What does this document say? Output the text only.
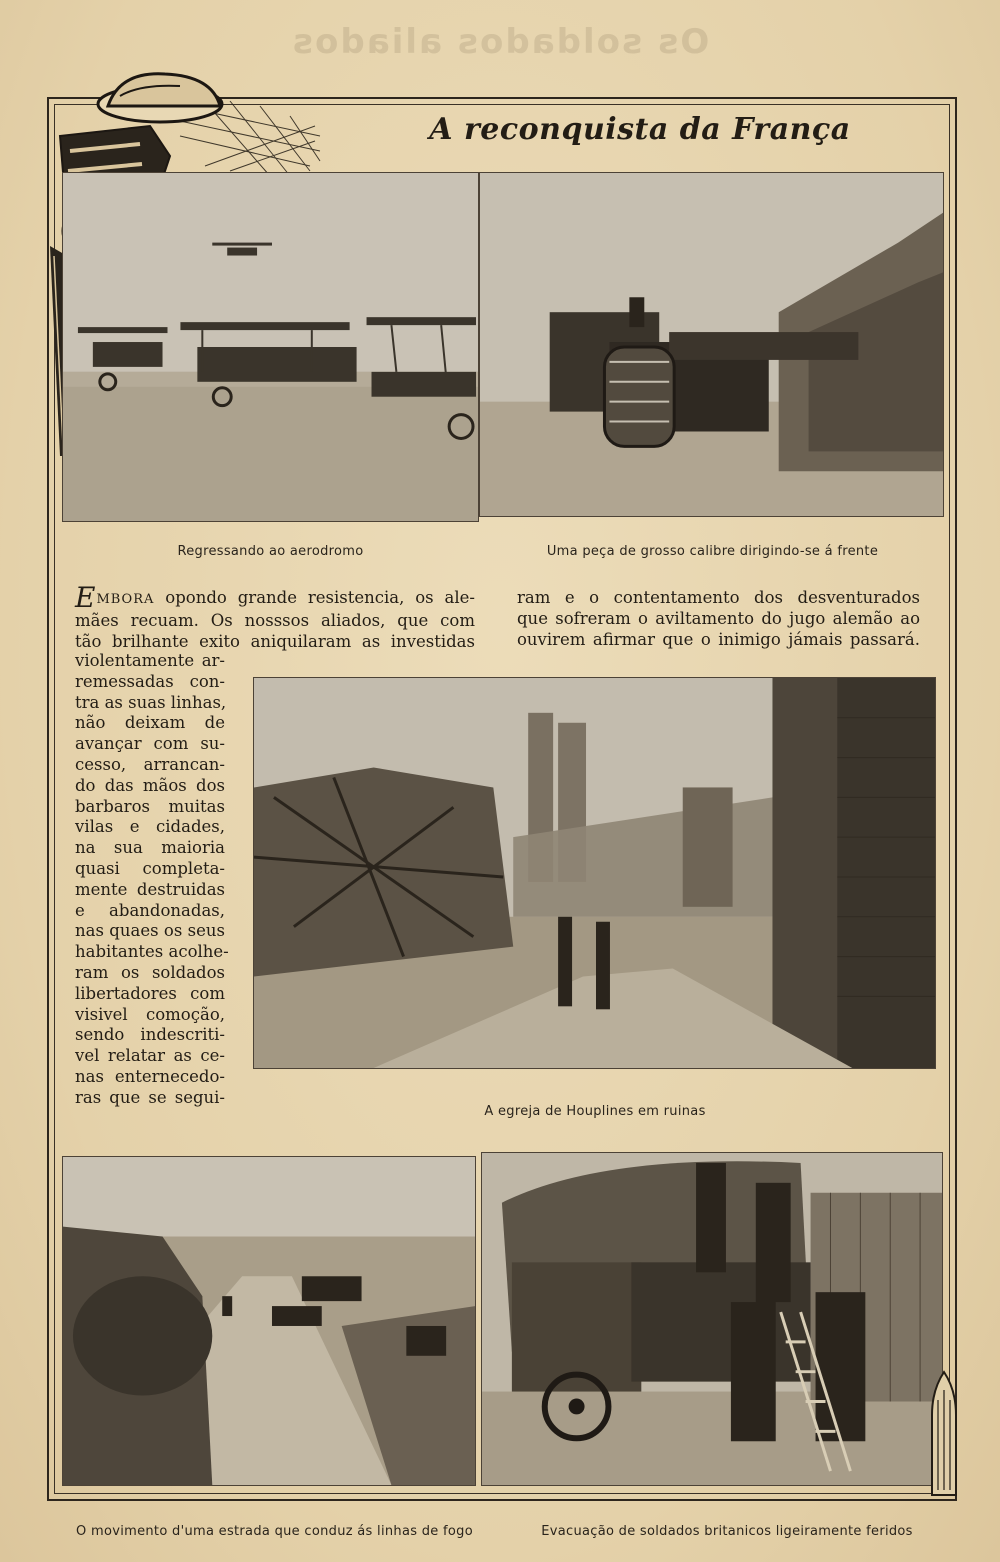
Os soldados aliados
A reconquista da França
Regressando ao aerodromo	Uma peça de grosso calibre dirigindo-se á frente
EMBORA opondo grande resistencia, os ale-
mães recuam. Os nosssos aliados, que com
tão brilhante exito aniquilaram as investidas
violentamente ar-
remessadas con-
tra as suas linhas,
não deixam de
avançar com su-
cesso, arrancan-
do das mãos dos
barbaros muitas
vilas e cidades,
na sua maioria
quasi completa-
mente destruidas
e abandonadas,
nas quaes os seus
habitantes acolhe-
ram os soldados
libertadores com
visivel comoção,
sendo indescriti-
vel relatar as ce-
nas enternecedo-
ras que se segui-
ram e o contentamento dos desventurados
que sofreram o aviltamento do jugo alemão ao
ouvirem afirmar que o inimigo jámais passará.
A egreja de Houplines em ruinas
O movimento d'uma estrada que conduz ás linhas de fogo	Evacuação de soldados britanicos ligeiramente feridos
